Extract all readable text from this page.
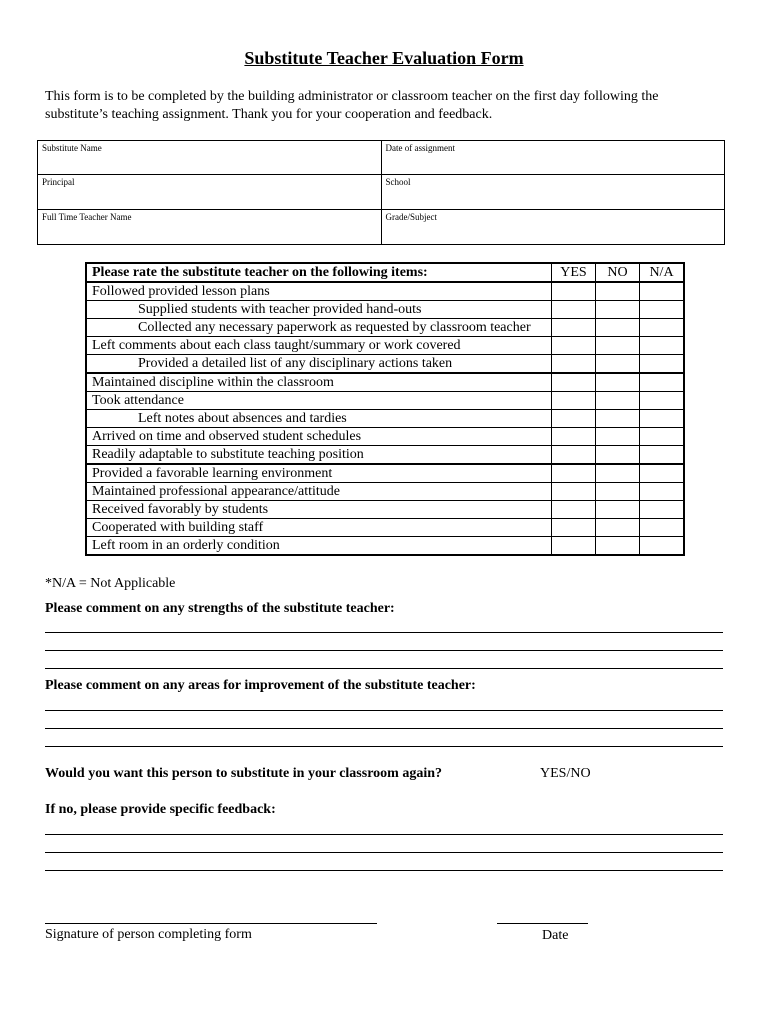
Substitute Teacher Evaluation Form
This form is to be completed by the building administrator or classroom teacher on the first day following the substitute’s teaching assignment. Thank you for your cooperation and feedback.
Substitute Name	Date of assignment
Principal	School
Full Time Teacher Name	Grade/Subject
Please rate the substitute teacher on the following items:	YES	NO	N/A
Followed provided lesson plans			
Supplied students with teacher provided hand-outs			
Collected any necessary paperwork as requested by classroom teacher			
Left comments about each class taught/summary or work covered			
Provided a detailed list of any disciplinary actions taken			
Maintained discipline within the classroom			
Took attendance			
Left notes about absences and tardies			
Arrived on time and observed student schedules			
Readily adaptable to substitute teaching position			
Provided a favorable learning environment			
Maintained professional appearance/attitude			
Received favorably by students			
Cooperated with building staff			
Left room in an orderly condition			
*N/A = Not Applicable
Please comment on any strengths of the substitute teacher:
Please comment on any areas for improvement of the substitute teacher:
Would you want this person to substitute in your classroom again?	YES/NO
If no, please provide specific feedback:
Signature of person completing form	Date
